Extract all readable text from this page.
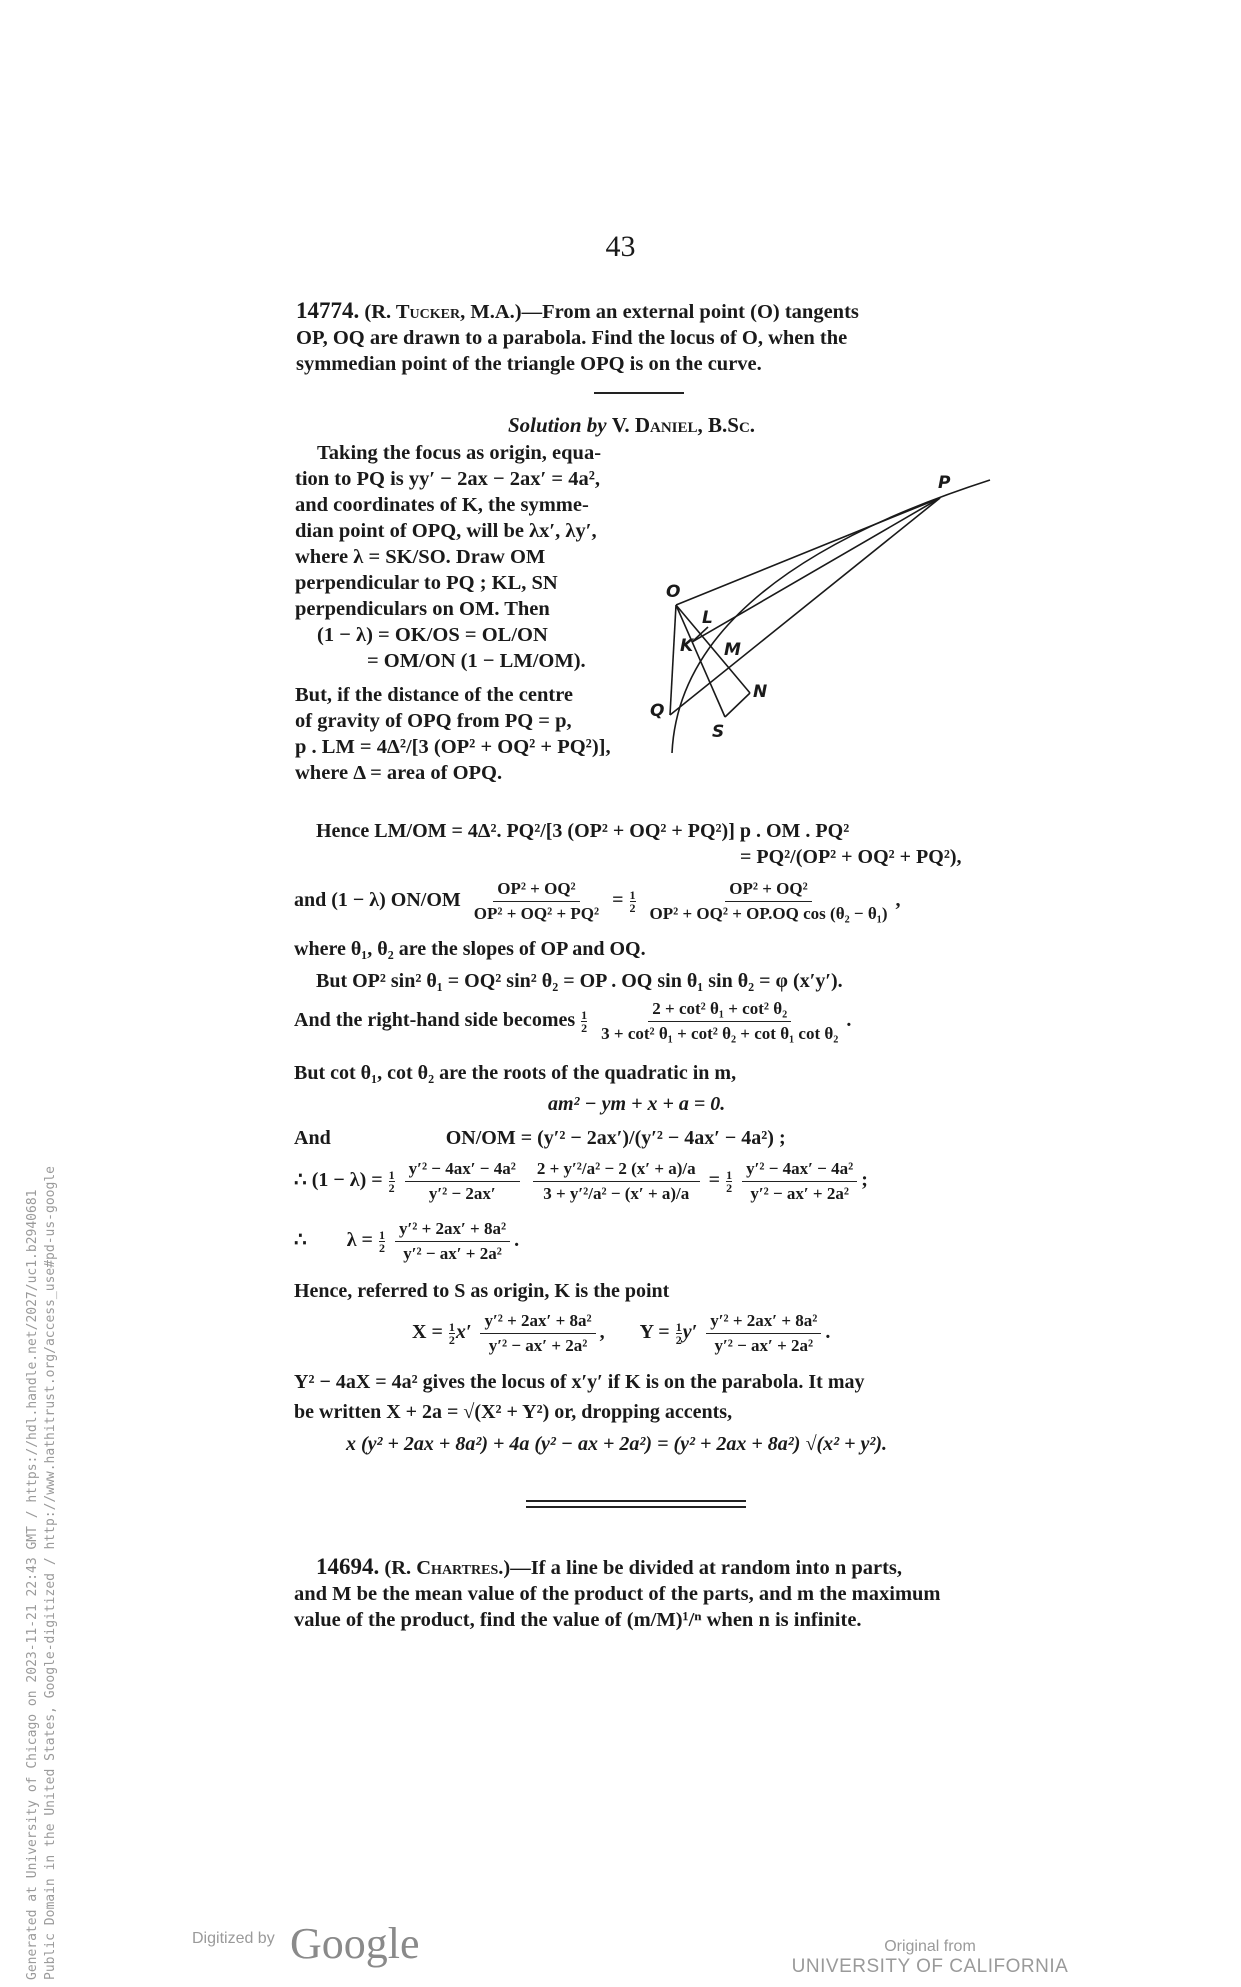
43
14774. (R. Tucker, M.A.)—From an external point (O) tangents
OP, OQ are drawn to a parabola. Find the locus of O, when the
symmedian point of the triangle OPQ is on the curve.
Solution by V. Daniel, B.Sc.
Taking the focus as origin, equa-
tion to PQ is yy′ − 2ax − 2ax′ = 4a²,
and coordinates of K, the symme-
dian point of OPQ, will be λx′, λy′,
where λ = SK/SO. Draw OM
perpendicular to PQ ; KL, SN
perpendiculars on OM. Then
(1 − λ) = OK/OS = OL/ON
= OM/ON (1 − LM/OM).
But, if the distance of the centre
of gravity of OPQ from PQ = p,
p . LM = 4Δ²/[3 (OP² + OQ² + PQ²)],
where Δ = area of OPQ.
P
O
L
K M
N
Q
S
Hence LM/OM = 4Δ². PQ²/[3 (OP² + OQ² + PQ²)] p . OM . PQ²
= PQ²/(OP² + OQ² + PQ²),
and (1 − λ) $ON/OM \frac{\text{OP² + OQ²}}{\text{OP² + OQ² + PQ²}} = \frac{1}{2}$
$\frac{\text{OP² + OQ²}}{\text{OP² + OQ² + OP.OQ cos (θ₂ − θ₁)}}$ ,
where θ₁, θ₂ are the slopes of OP and OQ.
But OP² sin² θ₁ = OQ² sin² θ₂ = OP . OQ sin θ₁ sin θ₂ = φ (x′y′).
And the right-hand side becomes $\frac{1}{2}$
$\frac{\text{2 + cot² θ₁ + cot² θ₂}}{\text{3 + cot² θ₁ + cot² θ₂ + cot θ₁ cot θ₂}}$ .
But cot θ₁, cot θ₂ are the roots of the quadratic in m,
am² − ym + x + a = 0.
And	ON/OM = (y′² − 2ax′)/(y′² − 4ax′ − 4a²) ;
∴ $(1 - \lambda) = \frac{1}{2}$
$\frac{\text{y′² − 4ax′ − 4a²}}{\text{y′² − 2ax′}}$
$\frac{\text{2 + y′²/a² − 2 (x′ + a)/a}}{\text{3 + y′²/a² − (x′ + a)/a}} = \frac{1}{2}$
$\frac{\text{y′² − 4ax′ − 4a²}}{\text{y′² − ax′ + 2a²}}$ ;
∴        $\lambda = \frac{1}{2}$
$\frac{\text{y′² + 2ax′ + 8a²}}{\text{y′² − ax′ + 2a²}}$ .
Hence, referred to S as origin, K is the point
$X = \frac{1}{2} x' \frac{\text{y′² + 2ax′ + 8a²}}{\text{y′² − ax′ + 2a²}}$ , $Y = \frac{1}{2} y' \frac{\text{y′² + 2ax′ + 8a²}}{\text{y′² − ax′ + 2a²}}$ .
Y² − 4aX = 4a² gives the locus of x′y′ if K is on the parabola. It may
be written X + 2a = √(X² + Y²) or, dropping accents,
x (y² + 2ax + 8a²) + 4a (y² − ax + 2a²) = (y² + 2ax + 8a²) √(x² + y²).
14694. (R. Chartres.)—If a line be divided at random into n parts,
and M be the mean value of the product of the parts, and m the maximum
value of the product, find the value of (m/M)¹/ⁿ when n is infinite.
Generated at University of Chicago on 2023-11-21 22:43 GMT / https://hdl.handle.net/2027/uc1.b2940681 Public Domain in the United States, Google-digitized / http://www.hathitrust.org/access_use#pd-us-google	Digitized by Google	Original from
UNIVERSITY OF CALIFORNIA
